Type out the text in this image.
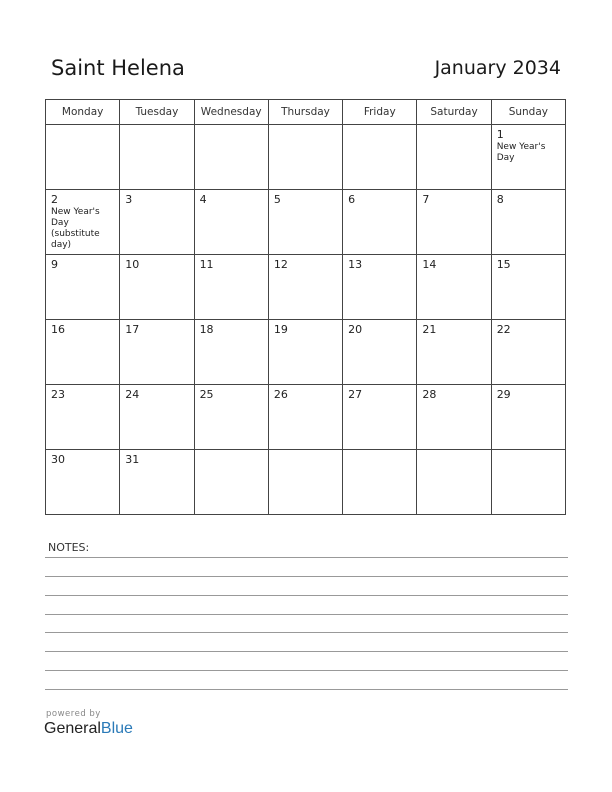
Saint Helena	January 2034
Monday	Tuesday	Wednesday	Thursday	Friday	Saturday	Sunday

						1
New Year's Day

2
New Year's Day (substitute day)	3	4	5	6	7	8

9	10	11	12	13	14	15

16	17	18	19	20	21	22

23	24	25	26	27	28	29

30	31					

NOTES:
powered by
GeneralBlue
